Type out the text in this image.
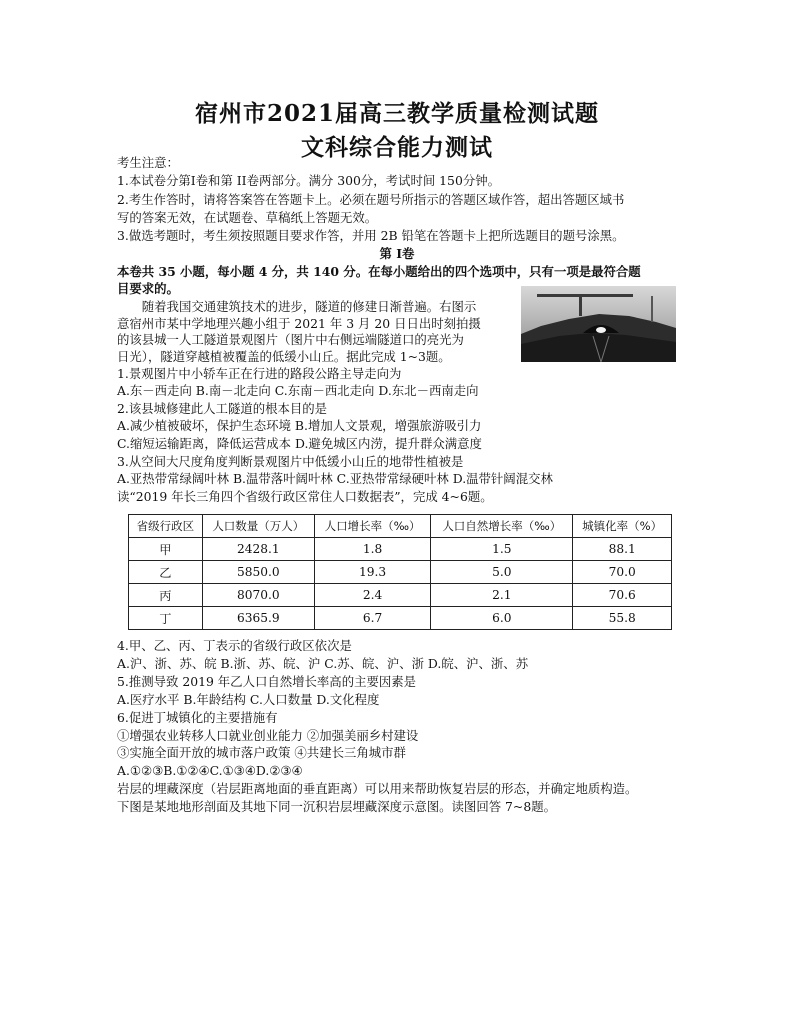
宿州市2021届高三教学质量检测试题
文科综合能力测试
考生注意：
1.本试卷分第I卷和第 II卷两部分。满分 300分，考试时间 150分钟。
2.考生作答时，请将答案答在答题卡上。必须在题号所指示的答题区域作答，超出答题区域书
写的答案无效，在试题卷、草稿纸上答题无效。
3.做选考题时，考生须按照题目要求作答，并用 2B 铅笔在答题卡上把所选题目的题号涂黑。
第 I卷
本卷共 35 小题，每小题 4 分，共 140 分。在每小题给出的四个选项中，只有一项是最符合题
目要求的。
　　随着我国交通建筑技术的进步，隧道的修建日渐普遍。右图示
意宿州市某中学地理兴趣小组于 2021 年 3 月 20 日日出时刻拍摄
的该县城一人工隧道景观图片（图片中右侧远端隧道口的亮光为
日光），隧道穿越植被覆盖的低缓小山丘。据此完成 1~3题。
1.景观图片中小轿车正在行进的路段公路主导走向为
A.东－西走向 B.南－北走向 C.东南－西北走向 D.东北－西南走向
2.该县城修建此人工隧道的根本目的是
A.减少植被破坏，保护生态环境 B.增加人文景观，增强旅游吸引力
C.缩短运输距离，降低运营成本 D.避免城区内涝，提升群众满意度
3.从空间大尺度角度判断景观图片中低缓小山丘的地带性植被是
A.亚热带常绿阔叶林 B.温带落叶阔叶林 C.亚热带常绿硬叶林 D.温带针阔混交林
读“2019 年长三角四个省级行政区常住人口数据表”，完成 4~6题。
省级行政区	人口数量（万人）	人口增长率（‰）	人口自然增长率（‰）	城镇化率（%）
甲	2428.1	1.8	1.5	88.1
乙	5850.0	19.3	5.0	70.0
丙	8070.0	2.4	2.1	70.6
丁	6365.9	6.7	6.0	55.8
4.甲、乙、丙、丁表示的省级行政区依次是
A.沪、浙、苏、皖 B.浙、苏、皖、沪 C.苏、皖、沪、浙 D.皖、沪、浙、苏
5.推测导致 2019 年乙人口自然增长率高的主要因素是
A.医疗水平 B.年龄结构 C.人口数量 D.文化程度
6.促进丁城镇化的主要措施有
①增强农业转移人口就业创业能力 ②加强美丽乡村建设
③实施全面开放的城市落户政策 ④共建长三角城市群
A.①②③B.①②④C.①③④D.②③④
岩层的埋藏深度（岩层距离地面的垂直距离）可以用来帮助恢复岩层的形态，并确定地质构造。
下图是某地地形剖面及其地下同一沉积岩层埋藏深度示意图。读图回答 7~8题。
